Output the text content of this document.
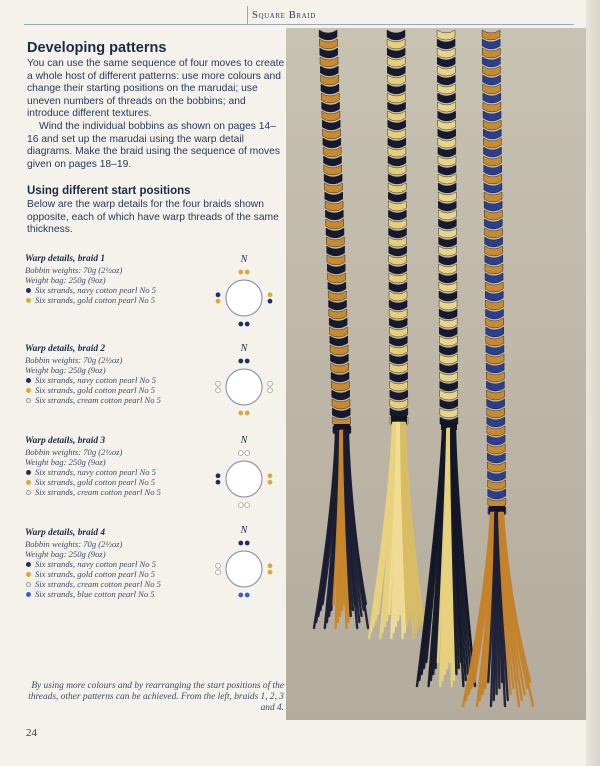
Square Braid
Developing patterns

You can use the same sequence of four moves to create a whole host of different patterns: use more colours and change their starting positions on the marudai; use uneven numbers of threads on the bobbins; and introduce different textures.

Wind the individual bobbins as shown on pages 14–16 and set up the marudai using the warp detail diagrams. Make the braid using the sequence of moves given on pages 18–19.

Using different start positions
Below are the warp details for the four braids shown opposite, each of which have warp threads of the same thickness.
Warp details, braid 1
Bobbin weights: 70g (2½oz)
Weight bag: 250g (9oz)
Six strands, navy cotton pearl No 5
Six strands, gold cotton pearl No 5
Warp details, braid 2
Bobbin weights: 70g (2½oz)
Weight bag: 250g (9oz)
Six strands, navy cotton pearl No 5
Six strands, gold cotton pearl No 5
Six strands, cream cotton pearl No 5
Warp details, braid 3
Bobbin weights: 70g (2½oz)
Weight bag: 250g (9oz)
Six strands, navy cotton pearl No 5
Six strands, gold cotton pearl No 5
Six strands, cream cotton pearl No 5
Warp details, braid 4
Bobbin weights: 70g (2½oz)
Weight bag: 250g (9oz)
Six strands, navy cotton pearl No 5
Six strands, gold cotton pearl No 5
Six strands, cream cotton pearl No 5
Six strands, blue cotton pearl No 5
N
N
N
N
By using more colours and by rearranging the start positions of the threads, other patterns can be achieved. From the left, braids 1, 2, 3 and 4.
24
